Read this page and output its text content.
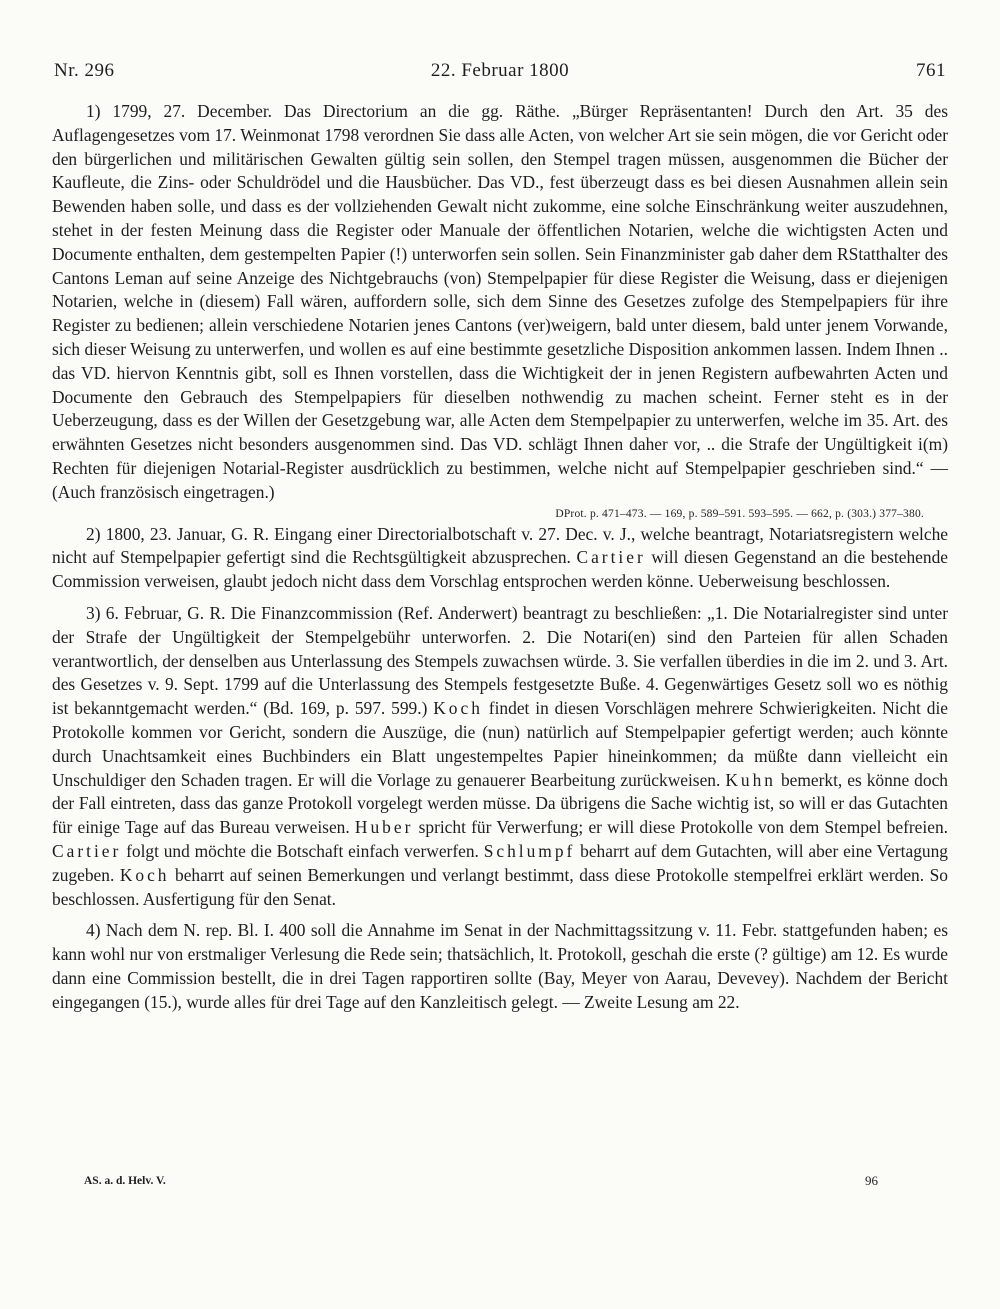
Nr. 296	22. Februar 1800	761

1) 1799, 27. December. Das Directorium an die gg. Räthe. „Bürger Repräsentanten! Durch den Art. 35 des Auflagengesetzes vom 17. Weinmonat 1798 verordnen Sie dass alle Acten, von welcher Art sie sein mögen, die vor Gericht oder den bürgerlichen und militärischen Gewalten gültig sein sollen, den Stempel tragen müssen, ausgenommen die Bücher der Kaufleute, die Zins- oder Schuldrödel und die Hausbücher. Das VD., fest überzeugt dass es bei diesen Ausnahmen allein sein Bewenden haben solle, und dass es der vollziehenden Gewalt nicht zukomme, eine solche Einschränkung weiter auszudehnen, stehet in der festen Meinung dass die Register oder Manuale der öffentlichen Notarien, welche die wichtigsten Acten und Documente enthalten, dem gestempelten Papier (!) unterworfen sein sollen. Sein Finanzminister gab daher dem RStatthalter des Cantons Leman auf seine Anzeige des Nichtgebrauchs (von) Stempelpapier für diese Register die Weisung, dass er diejenigen Notarien, welche in (diesem) Fall wären, auffordern solle, sich dem Sinne des Gesetzes zufolge des Stempelpapiers für ihre Register zu bedienen; allein verschiedene Notarien jenes Cantons (ver)weigern, bald unter diesem, bald unter jenem Vorwande, sich dieser Weisung zu unterwerfen, und wollen es auf eine bestimmte gesetzliche Disposition ankommen lassen. Indem Ihnen .. das VD. hiervon Kenntnis gibt, soll es Ihnen vorstellen, dass die Wichtigkeit der in jenen Registern aufbewahrten Acten und Documente den Gebrauch des Stempelpapiers für dieselben nothwendig zu machen scheint. Ferner steht es in der Ueberzeugung, dass es der Willen der Gesetzgebung war, alle Acten dem Stempelpapier zu unterwerfen, welche im 35. Art. des erwähnten Gesetzes nicht besonders ausgenommen sind. Das VD. schlägt Ihnen daher vor, .. die Strafe der Ungültigkeit i(m) Rechten für diejenigen Notarial-Register ausdrücklich zu bestimmen, welche nicht auf Stempelpapier geschrieben sind.“ — (Auch französisch eingetragen.)

DProt. p. 471–473. — 169, p. 589–591. 593–595. — 662, p. (303.) 377–380.

2) 1800, 23. Januar, G. R. Eingang einer Directorialbotschaft v. 27. Dec. v. J., welche beantragt, Notariatsregistern welche nicht auf Stempelpapier gefertigt sind die Rechtsgültigkeit abzusprechen. Cartier will diesen Gegenstand an die bestehende Commission verweisen, glaubt jedoch nicht dass dem Vorschlag entsprochen werden könne. Ueberweisung beschlossen.

3) 6. Februar, G. R. Die Finanzcommission (Ref. Anderwert) beantragt zu beschließen: „1. Die Notarialregister sind unter der Strafe der Ungültigkeit der Stempelgebühr unterworfen. 2. Die Notari(en) sind den Parteien für allen Schaden verantwortlich, der denselben aus Unterlassung des Stempels zuwachsen würde. 3. Sie verfallen überdies in die im 2. und 3. Art. des Gesetzes v. 9. Sept. 1799 auf die Unterlassung des Stempels festgesetzte Buße. 4. Gegenwärtiges Gesetz soll wo es nöthig ist bekanntgemacht werden.“ (Bd. 169, p. 597. 599.) Koch findet in diesen Vorschlägen mehrere Schwierigkeiten. Nicht die Protokolle kommen vor Gericht, sondern die Auszüge, die (nun) natürlich auf Stempelpapier gefertigt werden; auch könnte durch Unachtsamkeit eines Buchbinders ein Blatt ungestempeltes Papier hineinkommen; da müßte dann vielleicht ein Unschuldiger den Schaden tragen. Er will die Vorlage zu genauerer Bearbeitung zurückweisen. Kuhn bemerkt, es könne doch der Fall eintreten, dass das ganze Protokoll vorgelegt werden müsse. Da übrigens die Sache wichtig ist, so will er das Gutachten für einige Tage auf das Bureau verweisen. Huber spricht für Verwerfung; er will diese Protokolle von dem Stempel befreien. Cartier folgt und möchte die Botschaft einfach verwerfen. Schlumpf beharrt auf dem Gutachten, will aber eine Vertagung zugeben. Koch beharrt auf seinen Bemerkungen und verlangt bestimmt, dass diese Protokolle stempelfrei erklärt werden. So beschlossen. Ausfertigung für den Senat.

4) Nach dem N. rep. Bl. I. 400 soll die Annahme im Senat in der Nachmittagssitzung v. 11. Febr. stattgefunden haben; es kann wohl nur von erstmaliger Verlesung die Rede sein; thatsächlich, lt. Protokoll, geschah die erste (? gültige) am 12. Es wurde dann eine Commission bestellt, die in drei Tagen rapportiren sollte (Bay, Meyer von Aarau, Devevey). Nachdem der Bericht eingegangen (15.), wurde alles für drei Tage auf den Kanzleitisch gelegt. — Zweite Lesung am 22.

AS. a. d. Helv. V.	96
